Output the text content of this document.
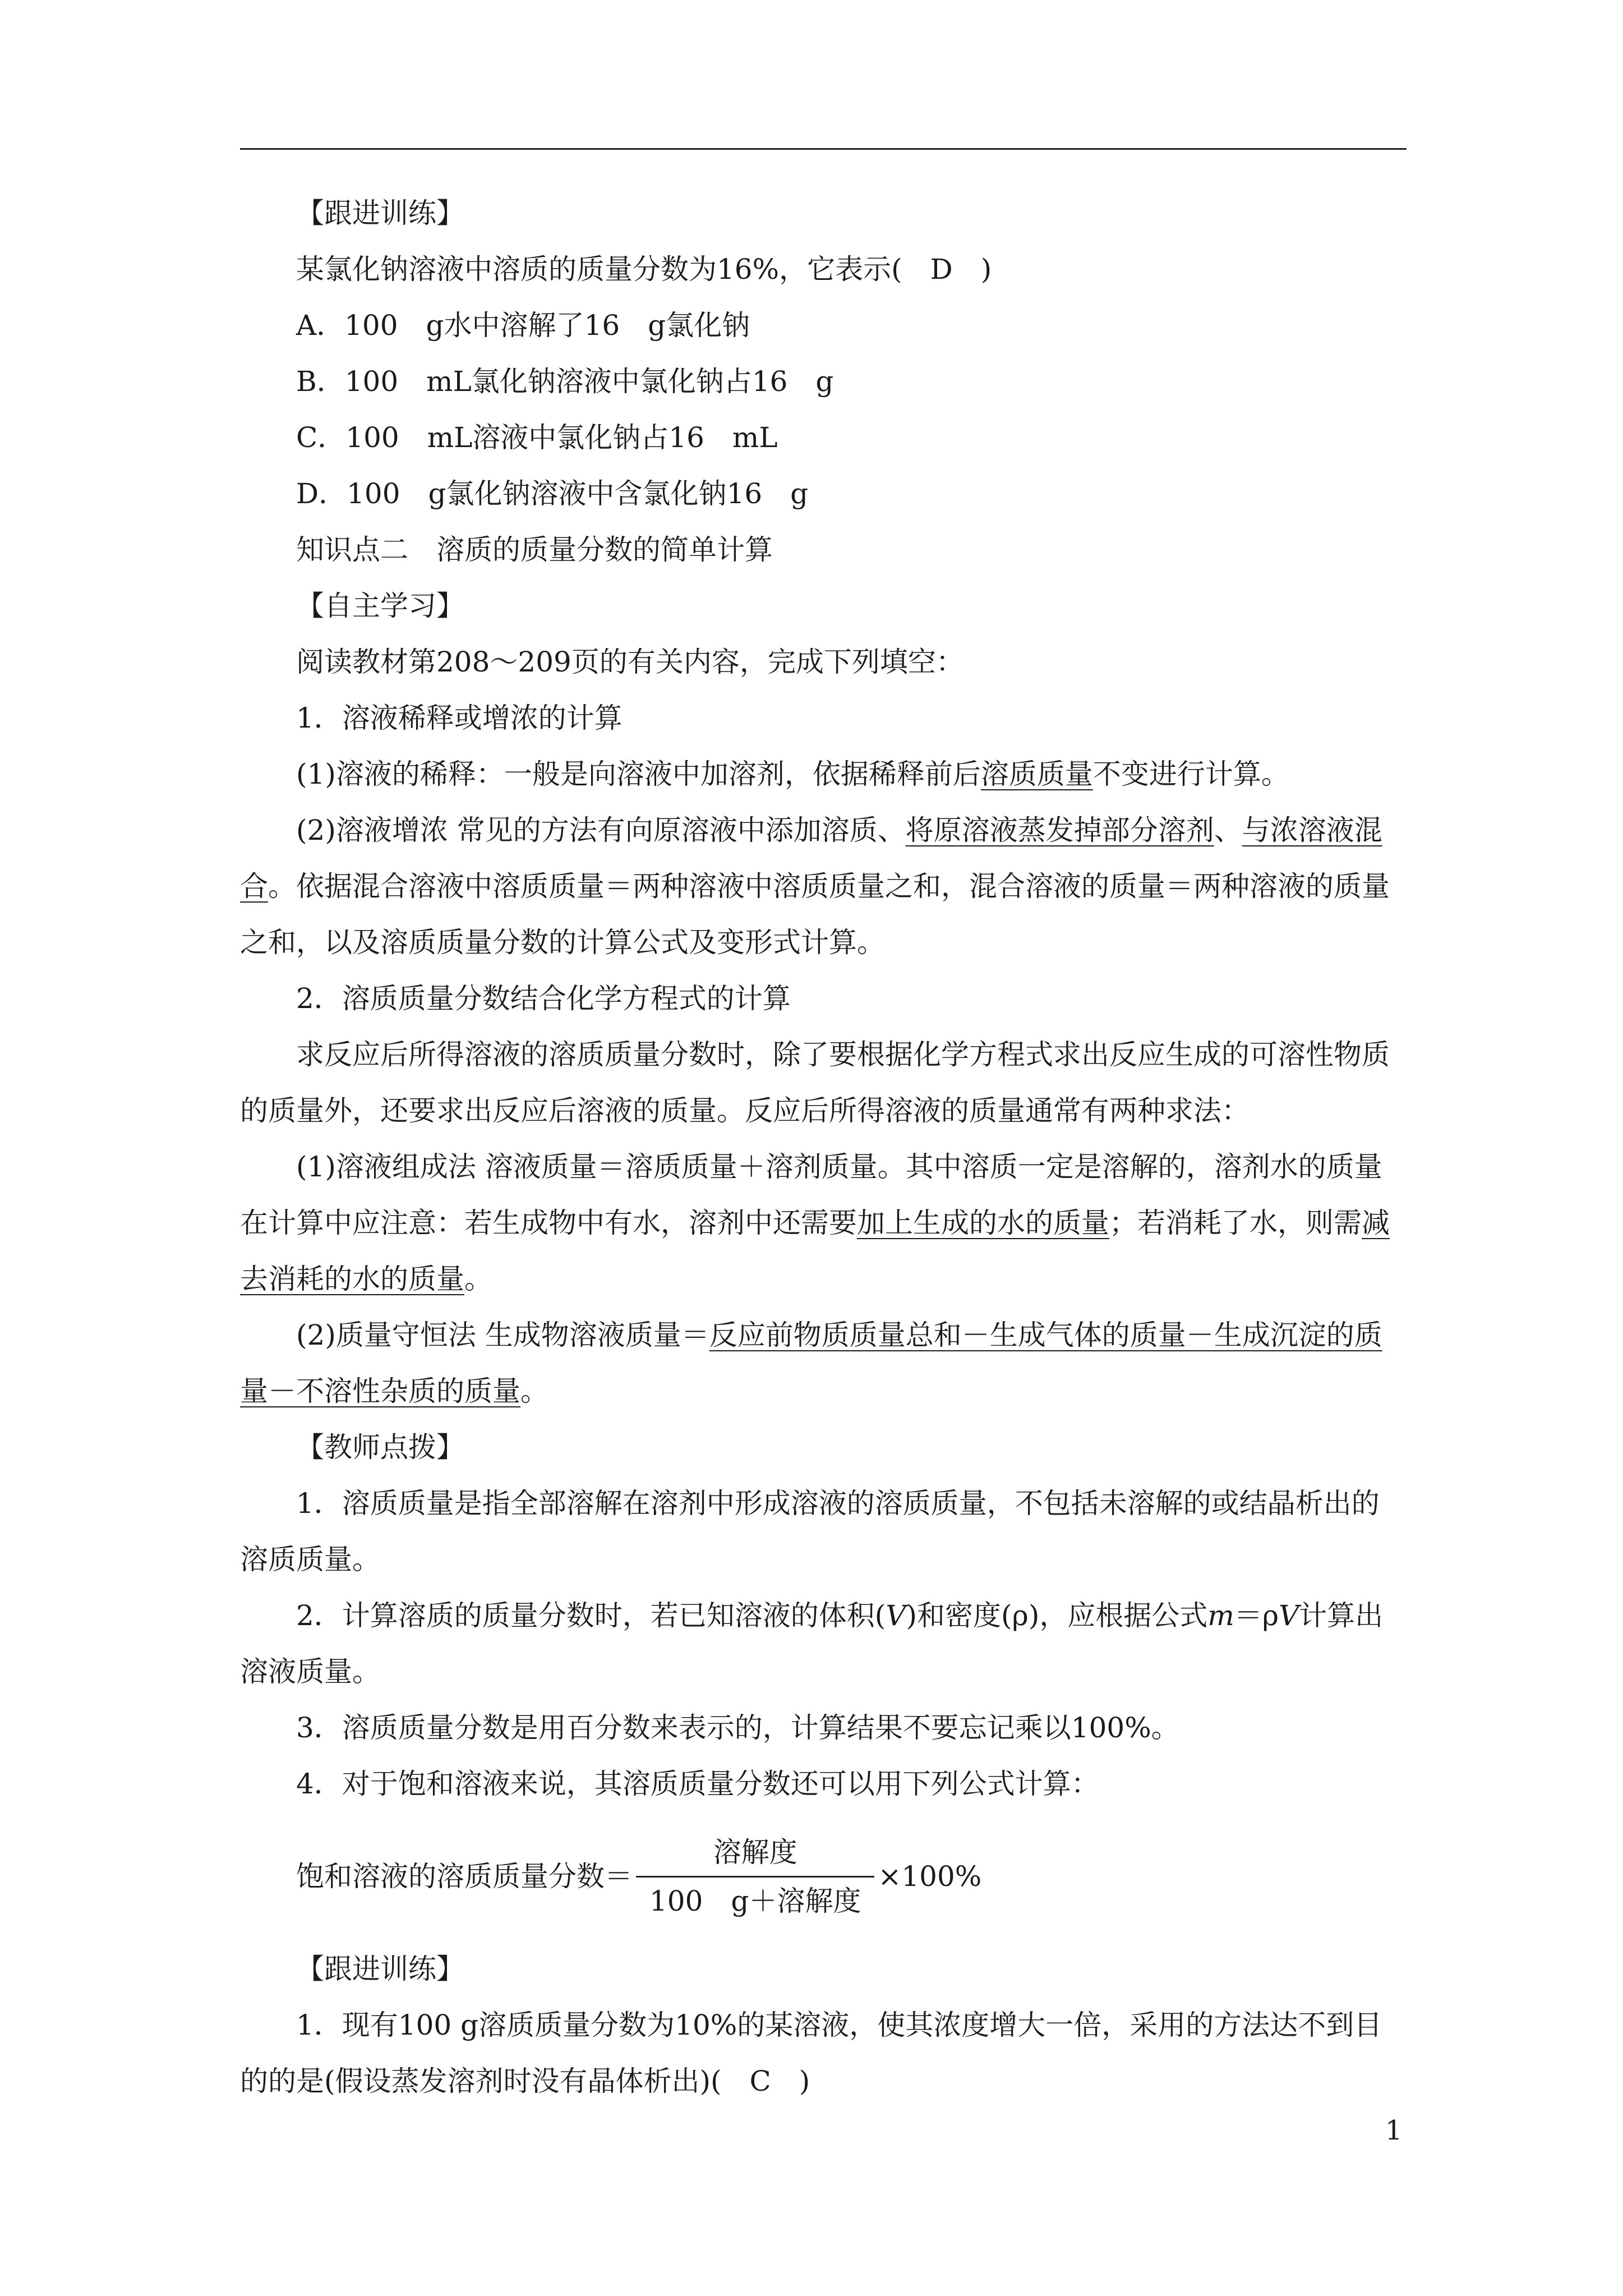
【跟进训练】

某氯化钠溶液中溶质的质量分数为16%，它表示(　D　)

A．100　g水中溶解了16　g氯化钠

B．100　mL氯化钠溶液中氯化钠占16　g

C．100　mL溶液中氯化钠占16　mL

D．100　g氯化钠溶液中含氯化钠16　g

知识点二　溶质的质量分数的简单计算

【自主学习】

阅读教材第208～209页的有关内容，完成下列填空：

1．溶液稀释或增浓的计算

(1)溶液的稀释：一般是向溶液中加溶剂，依据稀释前后溶质质量不变进行计算。

(2)溶液增浓 常见的方法有向原溶液中添加溶质、将原溶液蒸发掉部分溶剂、与浓溶液混合。依据混合溶液中溶质质量＝两种溶液中溶质质量之和，混合溶液的质量＝两种溶液的质量之和，以及溶质质量分数的计算公式及变形式计算。

2．溶质质量分数结合化学方程式的计算

求反应后所得溶液的溶质质量分数时，除了要根据化学方程式求出反应生成的可溶性物质的质量外，还要求出反应后溶液的质量。反应后所得溶液的质量通常有两种求法：

(1)溶液组成法 溶液质量＝溶质质量＋溶剂质量。其中溶质一定是溶解的，溶剂水的质量在计算中应注意：若生成物中有水，溶剂中还需要加上生成的水的质量；若消耗了水，则需减去消耗的水的质量。

(2)质量守恒法 生成物溶液质量＝反应前物质质量总和－生成气体的质量－生成沉淀的质量－不溶性杂质的质量。

【教师点拨】

1．溶质质量是指全部溶解在溶剂中形成溶液的溶质质量，不包括未溶解的或结晶析出的溶质质量。

2．计算溶质的质量分数时，若已知溶液的体积(V)和密度(ρ)，应根据公式m＝ρV计算出溶液质量。

3．溶质质量分数是用百分数来表示的，计算结果不要忘记乘以100%。

4．对于饱和溶液来说，其溶质质量分数还可以用下列公式计算：

饱和溶液的溶质质量分数＝ $\frac{\text{溶解度}}{\text{100　g＋溶解度}} \times 100\%$

【跟进训练】

1．现有100 g溶质质量分数为10%的某溶液，使其浓度增大一倍，采用的方法达不到目的的是(假设蒸发溶剂时没有晶体析出)(　C　)

1
